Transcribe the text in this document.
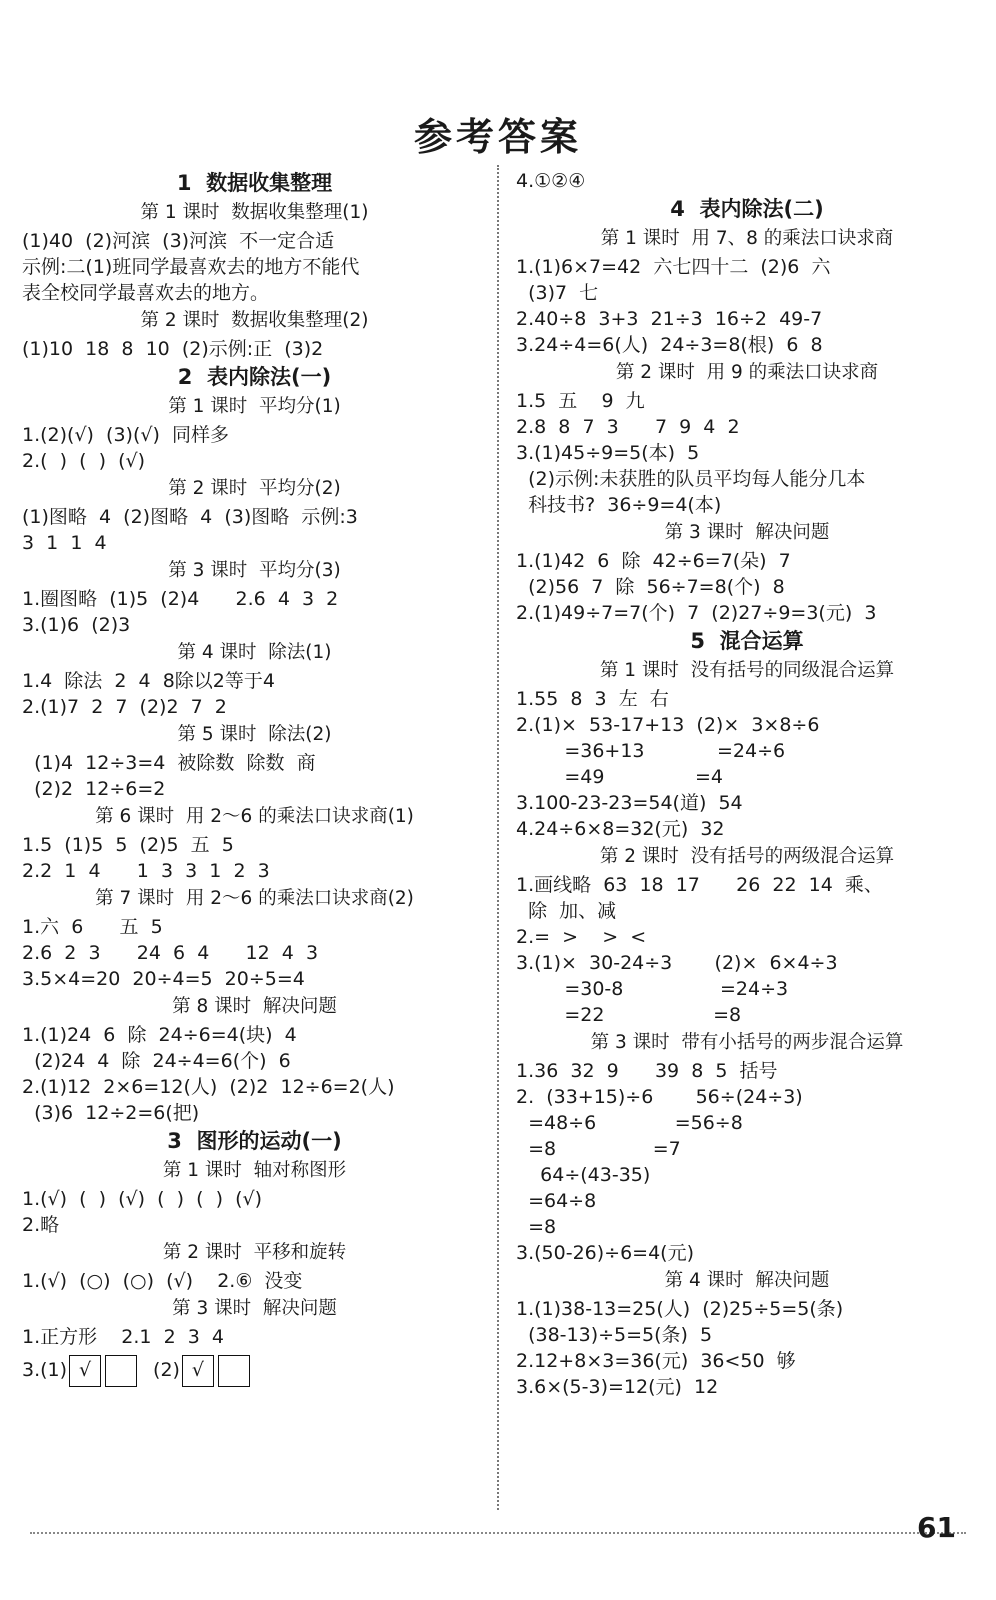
参考答案
1  数据收集整理
第 1 课时  数据收集整理(1)
(1)40  (2)河滨  (3)河滨  不一定合适
示例:二(1)班同学最喜欢去的地方不能代
表全校同学最喜欢去的地方。
第 2 课时  数据收集整理(2)
(1)10  18  8  10  (2)示例:正  (3)2
2  表内除法(一)
第 1 课时  平均分(1)
1.(2)(√)  (3)(√)  同样多
2.(  )  (  )  (√)
第 2 课时  平均分(2)
(1)图略  4  (2)图略  4  (3)图略  示例:3
3  1  1  4
第 3 课时  平均分(3)
1.圈图略  (1)5  (2)4      2.6  4  3  2
3.(1)6  (2)3
第 4 课时  除法(1)
1.4  除法  2  4  8除以2等于4
2.(1)7  2  7  (2)2  7  2
第 5 课时  除法(2)
(1)4  12÷3=4  被除数  除数  商
(2)2  12÷6=2
第 6 课时  用 2～6 的乘法口诀求商(1)
1.5  (1)5  5  (2)5  五  5
2.2  1  4      1  3  3  1  2  3
第 7 课时  用 2～6 的乘法口诀求商(2)
1.六  6      五  5
2.6  2  3      24  6  4      12  4  3
3.5×4=20  20÷4=5  20÷5=4
第 8 课时  解决问题
1.(1)24  6  除  24÷6=4(块)  4
(2)24  4  除  24÷4=6(个)  6
2.(1)12  2×6=12(人)  (2)2  12÷6=2(人)
(3)6  12÷2=6(把)
3  图形的运动(一)
第 1 课时  轴对称图形
1.(√)  (  )  (√)  (  )  (  )  (√)
2.略
第 2 课时  平移和旋转
1.(√)  (○)  (○)  (√)    2.⑥  没变
第 3 课时  解决问题
1.正方形    2.1  2  3  4
3.(1) √	(2) √
4.①②④
4  表内除法(二)
第 1 课时  用 7、8 的乘法口诀求商
1.(1)6×7=42  六七四十二  (2)6  六
(3)7  七
2.40÷8  3+3  21÷3  16÷2  49-7
3.24÷4=6(人)  24÷3=8(根)  6  8
第 2 课时  用 9 的乘法口诀求商
1.5  五    9  九
2.8  8  7  3      7  9  4  2
3.(1)45÷9=5(本)  5
(2)示例:未获胜的队员平均每人能分几本
科技书?  36÷9=4(本)
第 3 课时  解决问题
1.(1)42  6  除  42÷6=7(朵)  7
(2)56  7  除  56÷7=8(个)  8
2.(1)49÷7=7(个)  7  (2)27÷9=3(元)  3
5  混合运算
第 1 课时  没有括号的同级混合运算
1.55  8  3  左  右
2.(1)×  53-17+13  (2)×  3×8÷6
=36+13            =24÷6
=49               =4
3.100-23-23=54(道)  54
4.24÷6×8=32(元)  32
第 2 课时  没有括号的两级混合运算
1.画线略  63  18  17      26  22  14  乘、
除  加、减
2.=  >    >  <
3.(1)×  30-24÷3       (2)×  6×4÷3
=30-8                =24÷3
=22                  =8
第 3 课时  带有小括号的两步混合运算
1.36  32  9      39  8  5  括号
2.  (33+15)÷6       56÷(24÷3)
=48÷6             =56÷8
=8                =7
64÷(43-35)
=64÷8
=8
3.(50-26)÷6=4(元)
第 4 课时  解决问题
1.(1)38-13=25(人)  (2)25÷5=5(条)
(38-13)÷5=5(条)  5
2.12+8×3=36(元)  36<50  够
3.6×(5-3)=12(元)  12
61
